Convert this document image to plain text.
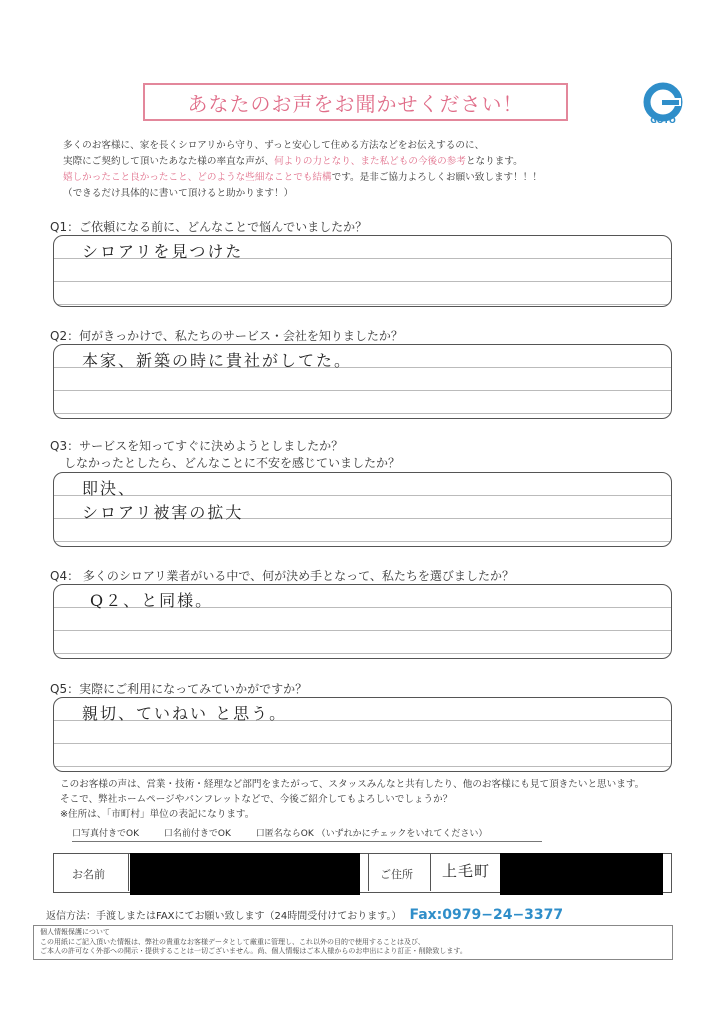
あなたのお声をお聞かせください！
GOTO
多くのお客様に、家を長くシロアリから守り、ずっと安心して住める方法などをお伝えするのに、
実際にご契約して頂いたあなた様の率直な声が、何よりの力となり、また私どもの今後の参考となります。
嬉しかったこと良かったこと、どのような些細なことでも結構です。是非ご協力よろしくお願い致します！！！
（できるだけ具体的に書いて頂けると助かります！）
Q1：ご依頼になる前に、どんなことで悩んでいましたか？
シロアリを見つけた
Q2：何がきっかけで、私たちのサービス・会社を知りましたか？
本家、新築の時に貴社がしてた。
Q3：サービスを知ってすぐに決めようとしましたか？
しなかったとしたら、どんなことに不安を感じていましたか？
即決、
シロアリ被害の拡大
Q4： 多くのシロアリ業者がいる中で、何が決め手となって、私たちを選びましたか？
Q２、と同様。
Q5：実際にご利用になってみていかがですか？
親切、ていねい と思う。
このお客様の声は、営業・技術・経理など部門をまたがって、スタッスみんなと共有したり、他のお客様にも見て頂きたいと思います。
そこで、弊社ホームページやパンフレットなどで、今後ご紹介してもよろしいでしょうか？
※住所は、「市町村」単位の表記になります。
口写真付きでOK	口名前付きでOK	口匿名ならOK （いずれかにチェックをいれてください）
お名前	ご住所 上毛町
返信方法：手渡しまたはFAXにてお願い致します（24時間受付けております。） Fax:0979−24−3377
個人情報保護について
この用紙にご記入頂いた情報は、弊社の貴重なお客様データとして厳重に管理し、これ以外の目的で使用することは及び、
ご本人の許可なく外部への開示・提供することは一切ございません。尚、個人情報はご本人様からのお申出により訂正・削除致します。
